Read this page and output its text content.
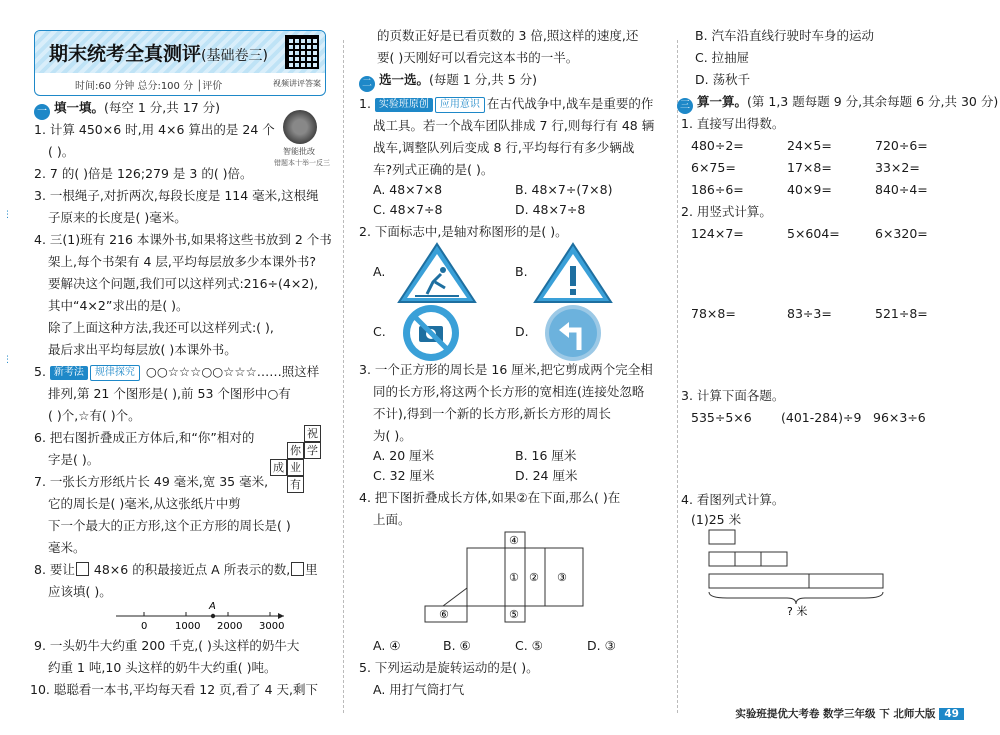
期末统考全真测评(基础卷三)
时间:60 分钟 总分:100 分 │评价	视频讲评答案
智能批改
错题本十举一反三
⋮
⋮
一 填一填。(每空 1 分,共 17 分)
1. 计算 450×6 时,用 4×6 算出的是 24 个
( )。
2. 7 的( )倍是 126;279 是 3 的( )倍。
3. 一根绳子,对折两次,每段长度是 114 毫米,这根绳
子原来的长度是( )毫米。
4. 三(1)班有 216 本课外书,如果将这些书放到 2 个书
架上,每个书架有 4 层,平均每层放多少本课外书?
要解决这个问题,我们可以这样列式:216÷(4×2),
其中“4×2”求出的是( )。
除了上面这种方法,我还可以这样列式:( ),
最后求出平均每层放( )本课外书。
5. 新考法 规律探究 ○○☆☆☆○○☆☆☆……照这样
排列,第 21 个图形是( ),前 53 个图形中○有
( )个,☆有( )个。
6. 把右图折叠成正方体后,和“你”相对的
字是( )。
7. 一张长方形纸片长 49 毫米,宽 35 毫米,
它的周长是( )毫米,从这张纸片中剪
下一个最大的正方形,这个正方形的周长是( )
毫米。
8. 要让 48×6 的积最接近点 A 所表示的数, 里
应该填( )。
A
0	1000 2000 3000
9. 一头奶牛大约重 200 千克,( )头这样的奶牛大
约重 1 吨,10 头这样的奶牛大约重( )吨。
10. 聪聪看一本书,平均每天看 12 页,看了 4 天,剩下
祝
你 学
成 业
有
的页数正好是已看页数的 3 倍,照这样的速度,还
要( )天刚好可以看完这本书的一半。
二 选一选。(每题 1 分,共 5 分)
1. 实验班原创 应用意识 在古代战争中,战车是重要的作
战工具。若一个战车团队排成 7 行,则每行有 48 辆
战车,调整队列后变成 8 行,平均每行有多少辆战
车?列式正确的是( )。
A. 48×7×8	B. 48×7÷(7×8)
C. 48×7÷8	D. 48×7÷8
2. 下面标志中,是轴对称图形的是( )。
A.	B.
C.	D.
3. 一个正方形的周长是 16 厘米,把它剪成两个完全相
同的长方形,将这两个长方形的宽相连(连接处忽略
不计),得到一个新的长方形,新长方形的周长
为( )。
A. 20 厘米	B. 16 厘米
C. 32 厘米	D. 24 厘米
4. 把下图折叠成长方体,如果②在下面,那么( )在
上面。
④
① ② ③
⑥	⑤
A. ④	B. ⑥	C. ⑤	D. ③
5. 下列运动是旋转运动的是( )。
A. 用打气筒打气
B. 汽车沿直线行驶时车身的运动
C. 拉抽屉
D. 荡秋千
三 算一算。(第 1,3 题每题 9 分,其余每题 6 分,共 30 分)
1. 直接写出得数。
480÷2=	24×5=	720÷6=
6×75=	17×8=	33×2=
186÷6=	40×9=	840÷4=
2. 用竖式计算。
124×7=	5×604=	6×320=
78×8=	83÷3=	521÷8=
3. 计算下面各题。
535÷5×6 (401-284)÷9 96×3÷6
4. 看图列式计算。
(1)25 米
? 米
实验班提优大考卷 数学三年级 下 北师大版 49
